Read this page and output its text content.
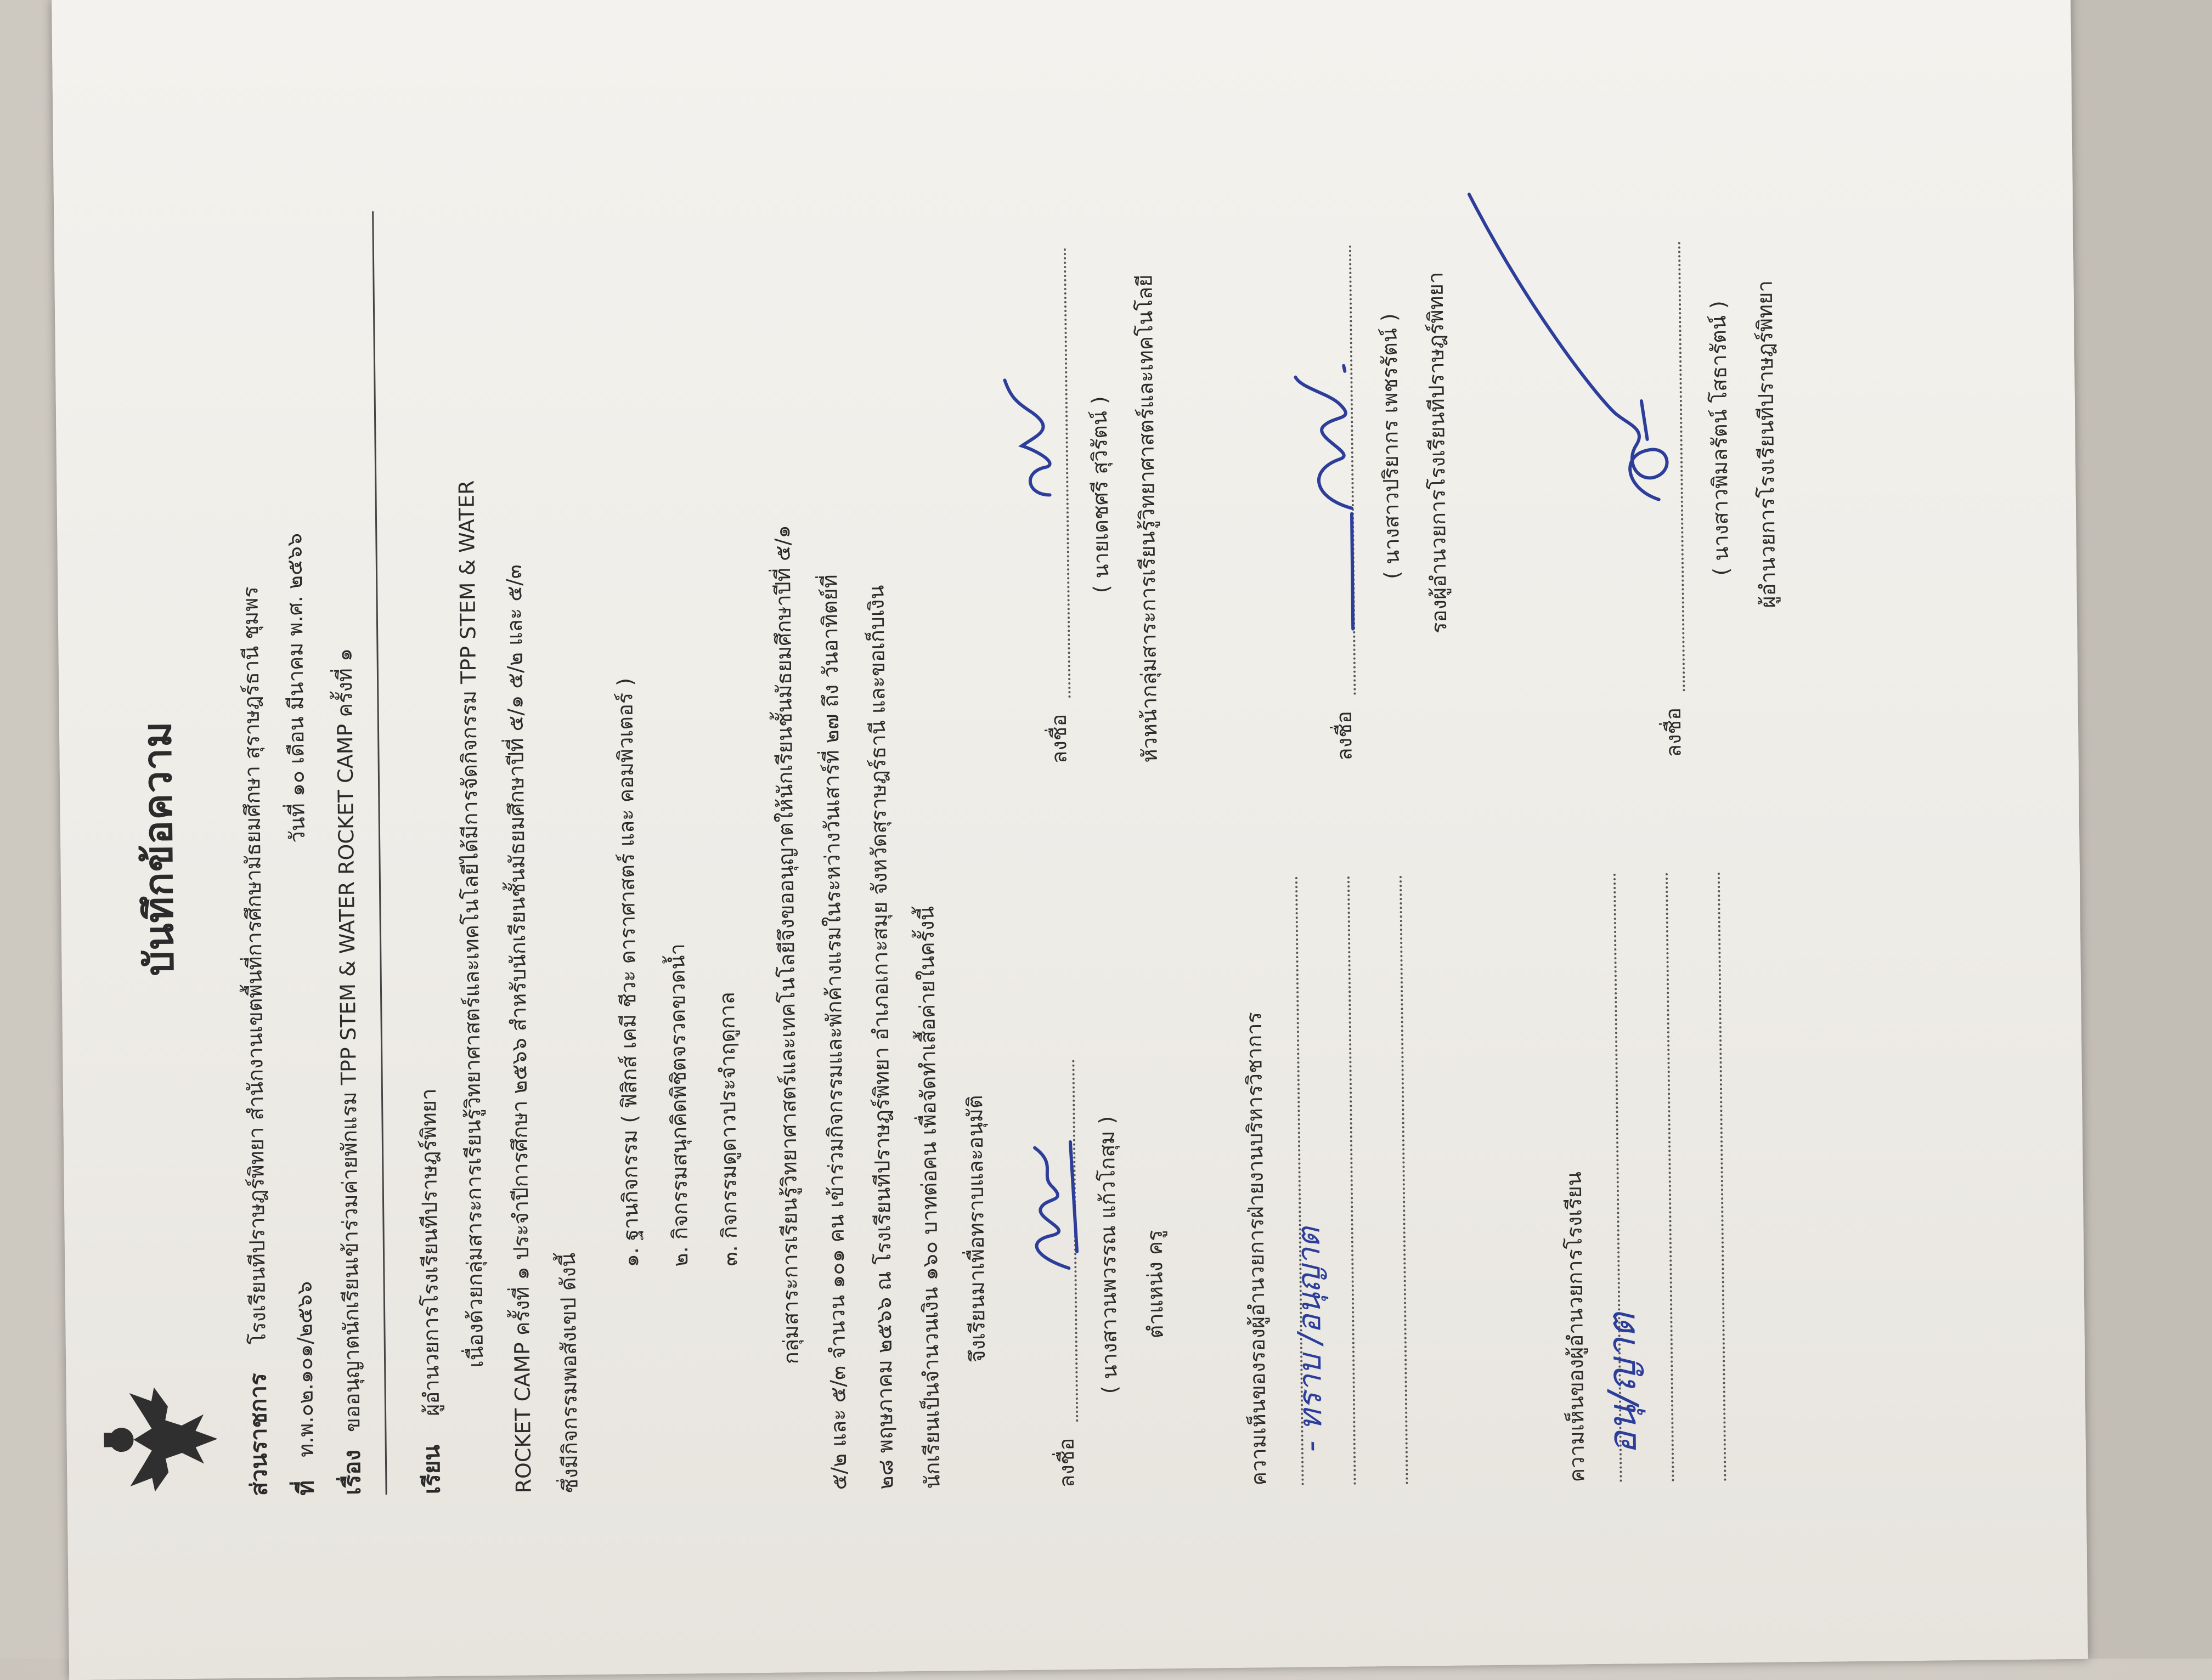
บันทึกข้อความ
ส่วนราชการ โรงเรียนทีปราษฎร์พิทยา สำนักงานเขตพื้นที่การศึกษามัธยมศึกษา สุราษฎร์ธานี ชุมพร
ที่ ท.พ.๐๒.๑๐๑/๒๕๖๖
วันที่ ๑๐ เดือน มีนาคม พ.ศ. ๒๕๖๖
เรื่อง ขออนุญาตนักเรียนเข้าร่วมค่ายพักแรม TPP STEM & WATER ROCKET CAMP ครั้งที่ ๑
เรียน ผู้อำนวยการโรงเรียนทีปราษฎร์พิทยา เนื่องด้วยกลุ่มสาระการเรียนรู้วิทยาศาสตร์และเทคโนโลยีได้มีการจัดกิจกรรม TPP STEM & WATER ROCKET CAMP ครั้งที่ ๑ ประจำปีการศึกษา ๒๕๖๖ สำหรับนักเรียนชั้นมัธยมศึกษาปีที่ ๕/๑ ๕/๒ และ ๕/๓ ซึ่งมีกิจกรรมพอสังเขป ดังนี้
๑. ฐานกิจกรรม ( ฟิสิกส์ เคมี ชีวะ ดาราศาสตร์ และ คอมพิวเตอร์ ) ๒. กิจกรรมสนุกคิดพิชิตจรวดขวดน้ำ ๓. กิจกรรมดูดาวประจำฤดูกาล กลุ่มสาระการเรียนรู้วิทยาศาสตร์และเทคโนโลยีจึงขออนุญาตให้นักเรียนชั้นมัธยมศึกษาปีที่ ๕/๑ ๕/๒ และ ๕/๓ จำนวน ๑๐๑ คน เข้าร่วมกิจกรรมและพักค้างแรมในระหว่างวันเสาร์ที่ ๒๗ ถึง วันอาทิตย์ที่ ๒๘ พฤษภาคม ๒๕๖๖ ณ โรงเรียนทีปราษฎร์พิทยา อำเภอเกาะสมุย จังหวัดสุราษฎร์ธานี และขอเก็บเงิน นักเรียนเป็นจำนวนเงิน ๑๖๐ บาทต่อคน เพื่อจัดทำเสื้อค่ายในครั้งนี้ จึงเรียนมาเพื่อทราบและอนุมัติ
ลงชื่อ
( นางสาวนพวรรณ แก้วโกสุม ) ตำแหน่ง ครู
ลงชื่อ
( นายเดชศรี สุวิรัตน์ ) หัวหน้ากลุ่มสาระการเรียนรู้วิทยาศาสตร์และเทคโนโลยี
ความเห็นของรองผู้อำนวยการฝ่ายงานบริหารวิชาการ - ทราบ /อนุญาต
ลงชื่อ
( นางสาวปริยากร เพชรรัตน์ ) รองผู้อำนวยการโรงเรียนทีปราษฎร์พิทยา
ความเห็นของผู้อำนวยการโรงเรียน อนุ/ญาต
ลงชื่อ
( นางสาวพิมลรัตน์ โสธารัตน์ ) ผู้อำนวยการโรงเรียนทีปราษฎร์พิทยา
